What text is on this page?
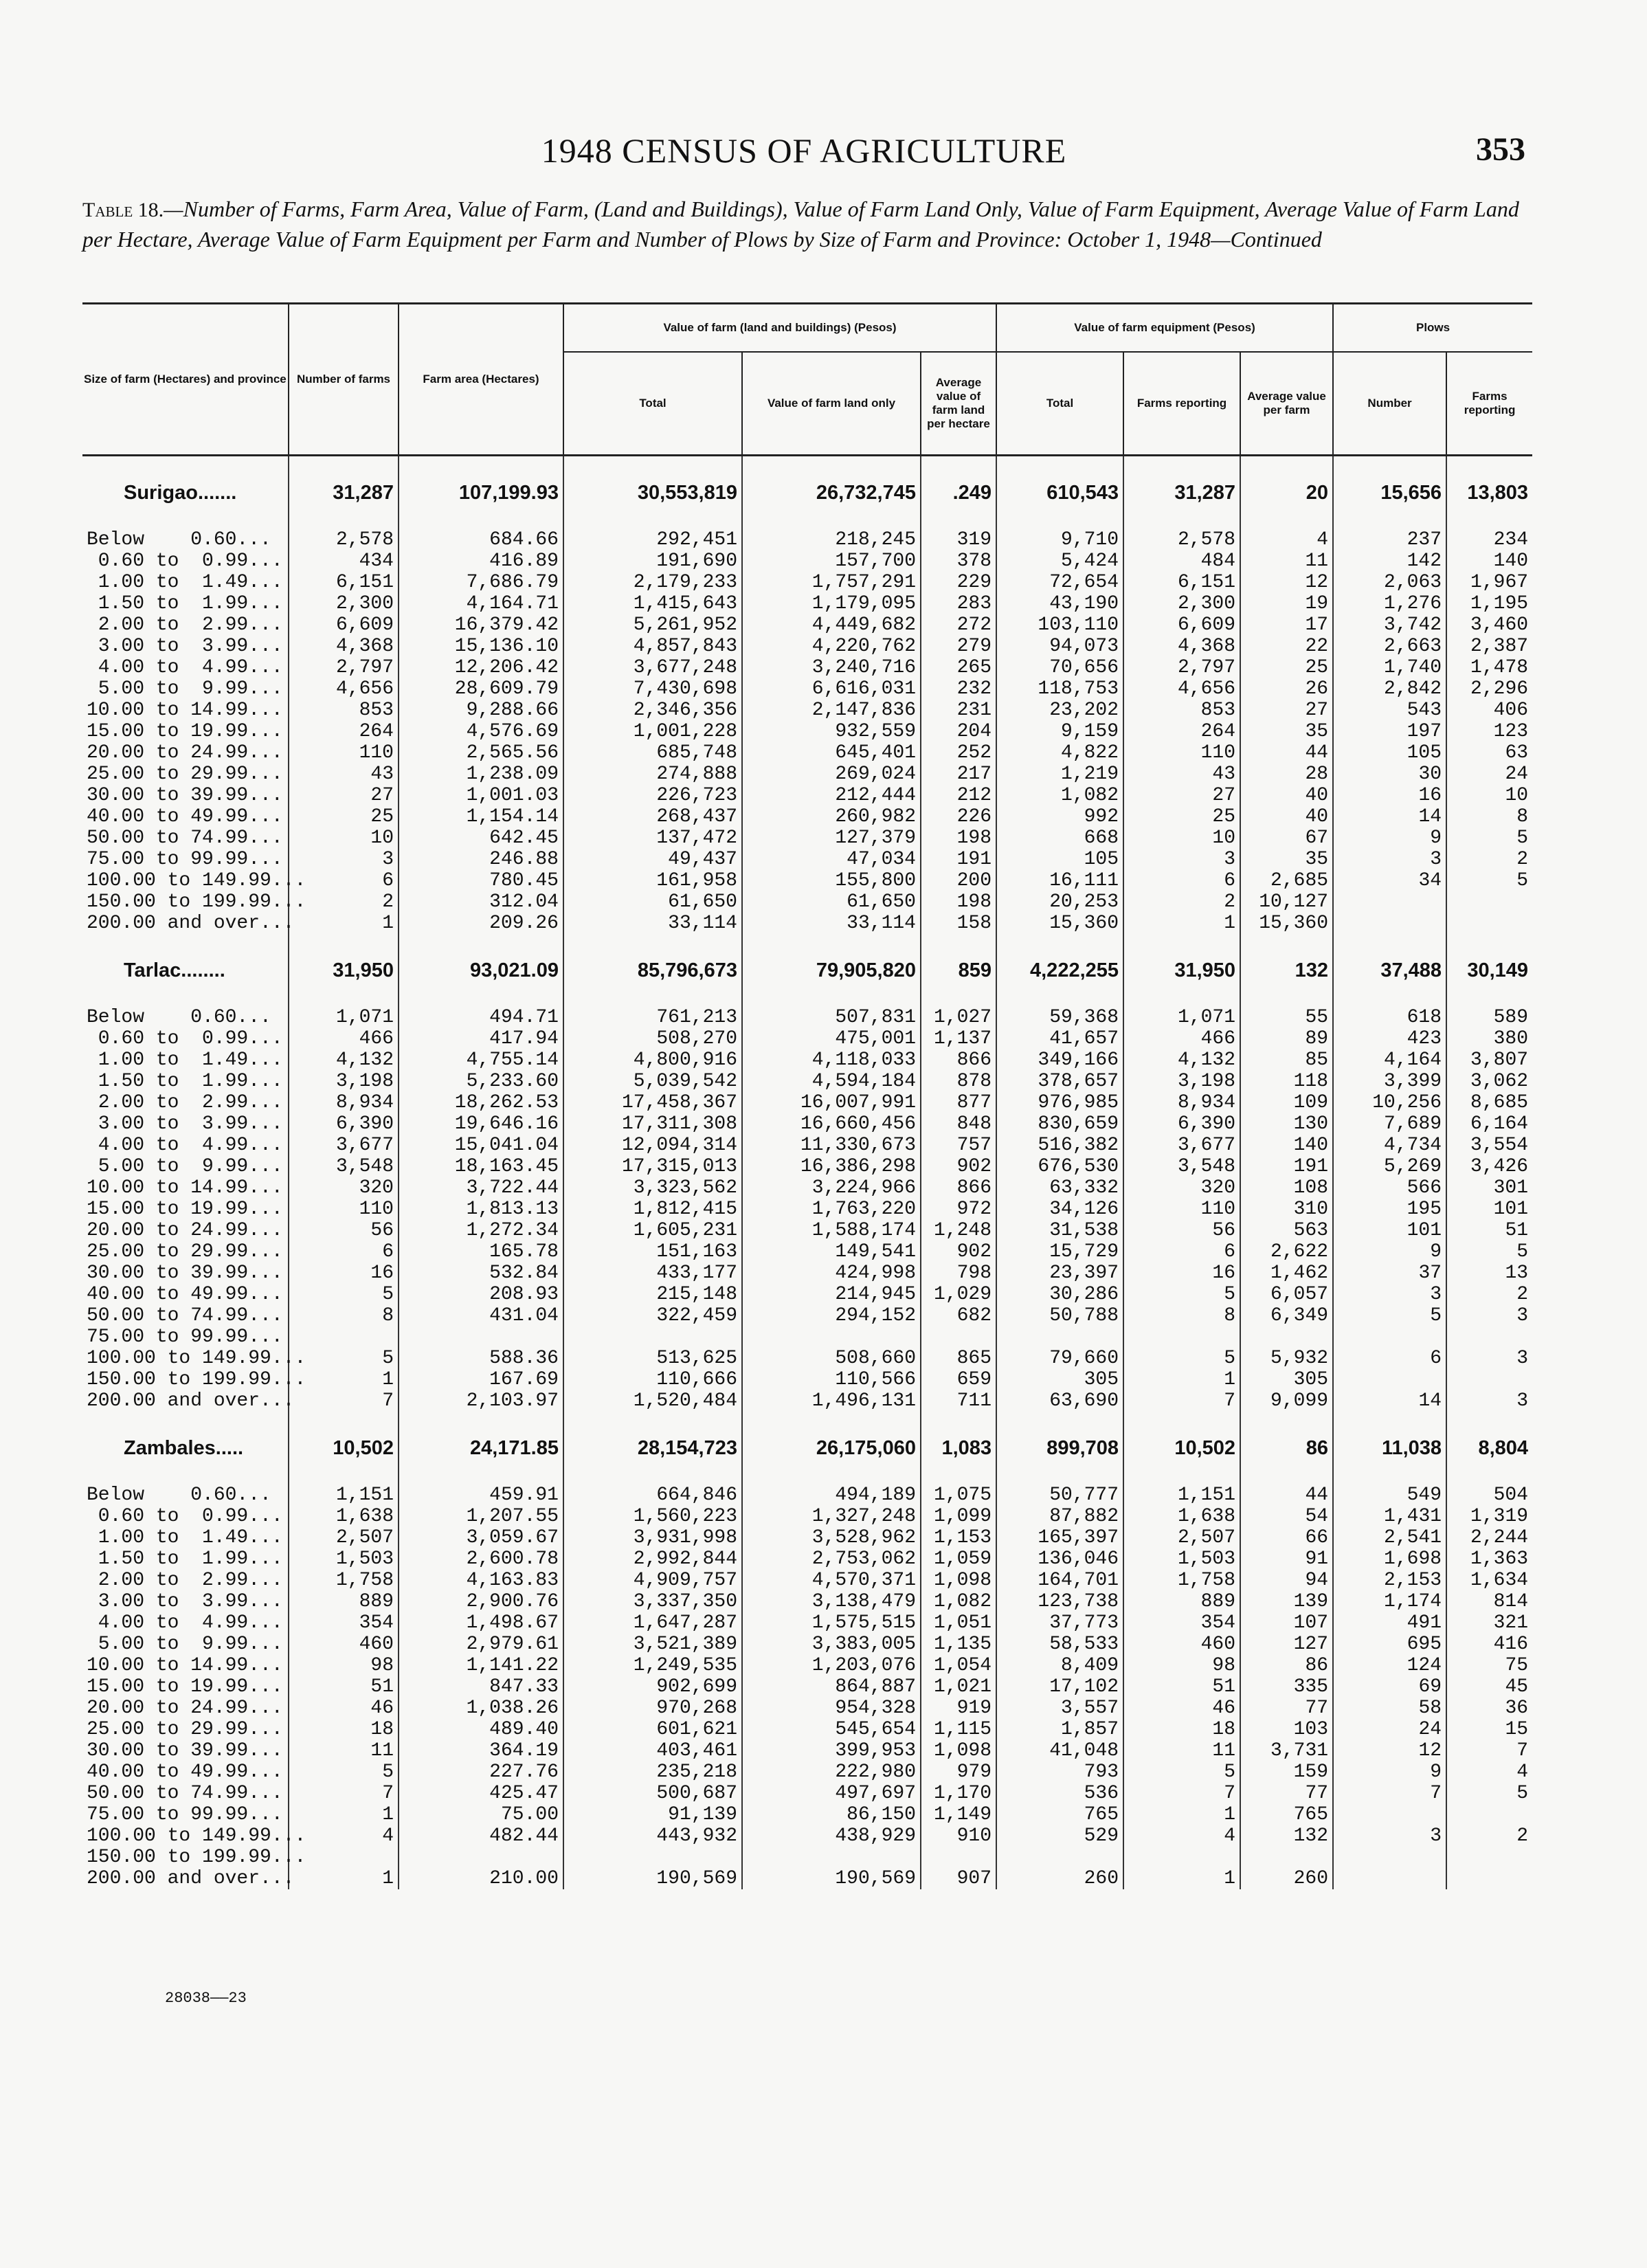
1948 CENSUS OF AGRICULTURE	353
Table 18.—Number of Farms, Farm Area, Value of Farm, (Land and Buildings), Value of Farm Land Only, Value of Farm Equipment, Average Value of Farm Land per Hectare, Average Value of Farm Equipment per Farm and Number of Plows by Size of Farm and Province: October 1, 1948—Continued
Size of farm (Hectares) and province	Number of farms	Farm area (Hectares)	Value of farm (land and buildings) (Pesos)			Value of farm equipment (Pesos)			Plows	
			Total	Value of farm land only	Average value of farm land per hectare	Total	Farms reporting	Average value per farm	Number	Farms reporting

Surigao.......	31,287	107,199.93	30,553,819	26,732,745	.249	610,543	31,287	20	15,656	13,803

Below    0.60...	2,578	684.66	292,451	218,245	319	9,710	2,578	4	237	234
0.60 to  0.99...	434	416.89	191,690	157,700	378	5,424	484	11	142	140
1.00 to  1.49...	6,151	7,686.79	2,179,233	1,757,291	229	72,654	6,151	12	2,063	1,967
1.50 to  1.99...	2,300	4,164.71	1,415,643	1,179,095	283	43,190	2,300	19	1,276	1,195
2.00 to  2.99...	6,609	16,379.42	5,261,952	4,449,682	272	103,110	6,609	17	3,742	3,460
3.00 to  3.99...	4,368	15,136.10	4,857,843	4,220,762	279	94,073	4,368	22	2,663	2,387
4.00 to  4.99...	2,797	12,206.42	3,677,248	3,240,716	265	70,656	2,797	25	1,740	1,478
5.00 to  9.99...	4,656	28,609.79	7,430,698	6,616,031	232	118,753	4,656	26	2,842	2,296
10.00 to 14.99...	853	9,288.66	2,346,356	2,147,836	231	23,202	853	27	543	406
15.00 to 19.99...	264	4,576.69	1,001,228	932,559	204	9,159	264	35	197	123
20.00 to 24.99...	110	2,565.56	685,748	645,401	252	4,822	110	44	105	63
25.00 to 29.99...	43	1,238.09	274,888	269,024	217	1,219	43	28	30	24
30.00 to 39.99...	27	1,001.03	226,723	212,444	212	1,082	27	40	16	10
40.00 to 49.99...	25	1,154.14	268,437	260,982	226	992	25	40	14	8
50.00 to 74.99...	10	642.45	137,472	127,379	198	668	10	67	9	5
75.00 to 99.99...	3	246.88	49,437	47,034	191	105	3	35	3	2
100.00 to 149.99...	6	780.45	161,958	155,800	200	16,111	6	2,685	34	5
150.00 to 199.99...	2	312.04	61,650	61,650	198	20,253	2	10,127		
200.00 and over...	1	209.26	33,114	33,114	158	15,360	1	15,360		

Tarlac........	31,950	93,021.09	85,796,673	79,905,820	859	4,222,255	31,950	132	37,488	30,149

Below    0.60...	1,071	494.71	761,213	507,831	1,027	59,368	1,071	55	618	589
0.60 to  0.99...	466	417.94	508,270	475,001	1,137	41,657	466	89	423	380
1.00 to  1.49...	4,132	4,755.14	4,800,916	4,118,033	866	349,166	4,132	85	4,164	3,807
1.50 to  1.99...	3,198	5,233.60	5,039,542	4,594,184	878	378,657	3,198	118	3,399	3,062
2.00 to  2.99...	8,934	18,262.53	17,458,367	16,007,991	877	976,985	8,934	109	10,256	8,685
3.00 to  3.99...	6,390	19,646.16	17,311,308	16,660,456	848	830,659	6,390	130	7,689	6,164
4.00 to  4.99...	3,677	15,041.04	12,094,314	11,330,673	757	516,382	3,677	140	4,734	3,554
5.00 to  9.99...	3,548	18,163.45	17,315,013	16,386,298	902	676,530	3,548	191	5,269	3,426
10.00 to 14.99...	320	3,722.44	3,323,562	3,224,966	866	63,332	320	108	566	301
15.00 to 19.99...	110	1,813.13	1,812,415	1,763,220	972	34,126	110	310	195	101
20.00 to 24.99...	56	1,272.34	1,605,231	1,588,174	1,248	31,538	56	563	101	51
25.00 to 29.99...	6	165.78	151,163	149,541	902	15,729	6	2,622	9	5
30.00 to 39.99...	16	532.84	433,177	424,998	798	23,397	16	1,462	37	13
40.00 to 49.99...	5	208.93	215,148	214,945	1,029	30,286	5	6,057	3	2
50.00 to 74.99...	8	431.04	322,459	294,152	682	50,788	8	6,349	5	3
75.00 to 99.99...										
100.00 to 149.99...	5	588.36	513,625	508,660	865	79,660	5	5,932	6	3
150.00 to 199.99...	1	167.69	110,666	110,566	659	305	1	305		
200.00 and over...	7	2,103.97	1,520,484	1,496,131	711	63,690	7	9,099	14	3

Zambales.....	10,502	24,171.85	28,154,723	26,175,060	1,083	899,708	10,502	86	11,038	8,804

Below    0.60...	1,151	459.91	664,846	494,189	1,075	50,777	1,151	44	549	504
0.60 to  0.99...	1,638	1,207.55	1,560,223	1,327,248	1,099	87,882	1,638	54	1,431	1,319
1.00 to  1.49...	2,507	3,059.67	3,931,998	3,528,962	1,153	165,397	2,507	66	2,541	2,244
1.50 to  1.99...	1,503	2,600.78	2,992,844	2,753,062	1,059	136,046	1,503	91	1,698	1,363
2.00 to  2.99...	1,758	4,163.83	4,909,757	4,570,371	1,098	164,701	1,758	94	2,153	1,634
3.00 to  3.99...	889	2,900.76	3,337,350	3,138,479	1,082	123,738	889	139	1,174	814
4.00 to  4.99...	354	1,498.67	1,647,287	1,575,515	1,051	37,773	354	107	491	321
5.00 to  9.99...	460	2,979.61	3,521,389	3,383,005	1,135	58,533	460	127	695	416
10.00 to 14.99...	98	1,141.22	1,249,535	1,203,076	1,054	8,409	98	86	124	75
15.00 to 19.99...	51	847.33	902,699	864,887	1,021	17,102	51	335	69	45
20.00 to 24.99...	46	1,038.26	970,268	954,328	919	3,557	46	77	58	36
25.00 to 29.99...	18	489.40	601,621	545,654	1,115	1,857	18	103	24	15
30.00 to 39.99...	11	364.19	403,461	399,953	1,098	41,048	11	3,731	12	7
40.00 to 49.99...	5	227.76	235,218	222,980	979	793	5	159	9	4
50.00 to 74.99...	7	425.47	500,687	497,697	1,170	536	7	77	7	5
75.00 to 99.99...	1	75.00	91,139	86,150	1,149	765	1	765		
100.00 to 149.99...	4	482.44	443,932	438,929	910	529	4	132	3	2
150.00 to 199.99...										
200.00 and over...	1	210.00	190,569	190,569	907	260	1	260		
28038——23
